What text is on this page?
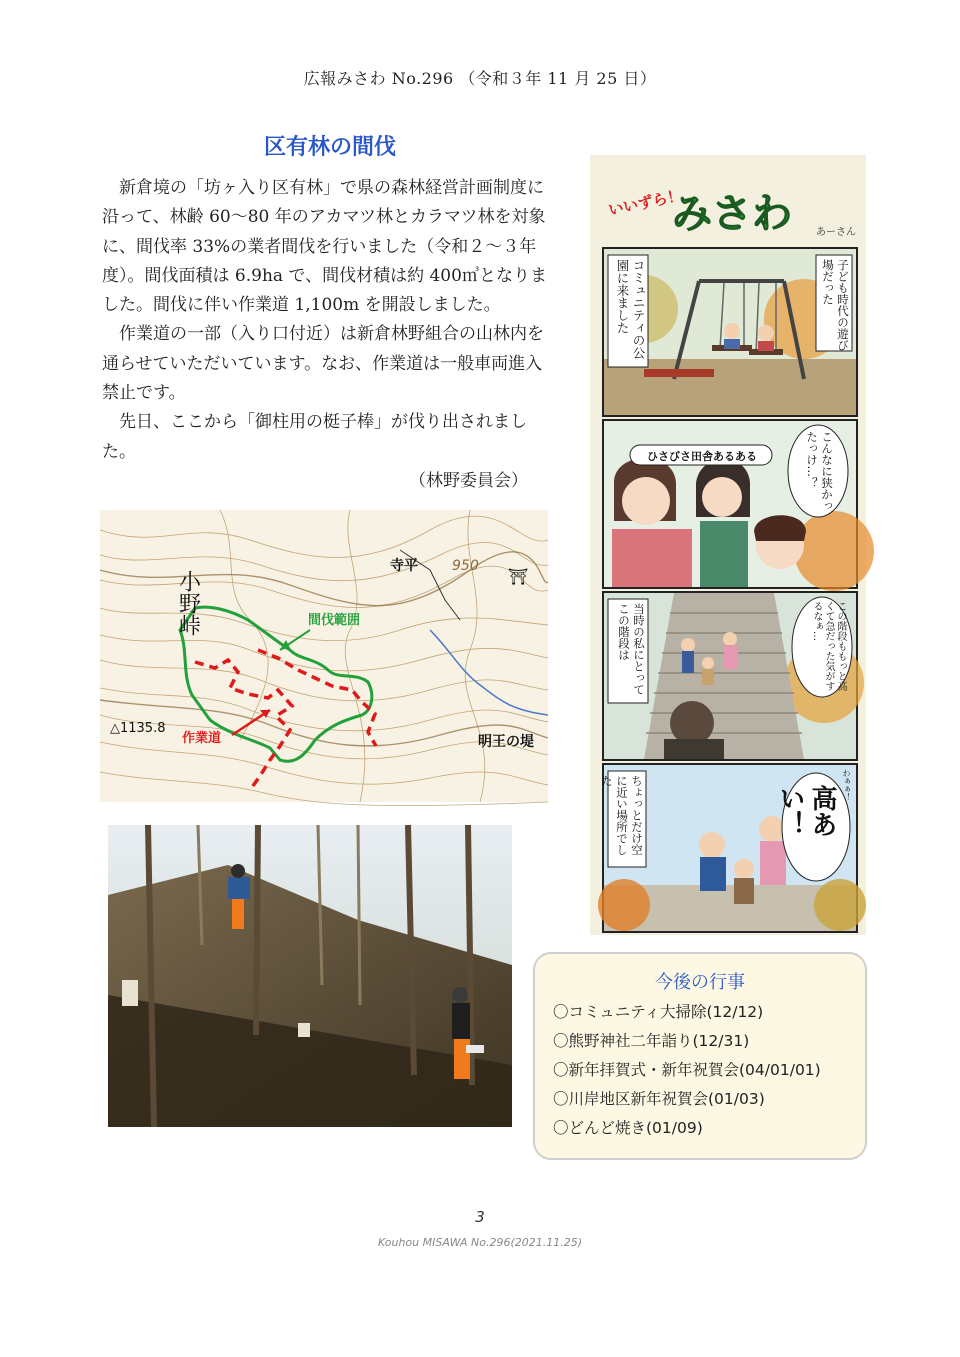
広報みさわ No.296 （令和３年 11 月 25 日）
区有林の間伐

新倉境の「坊ヶ入り区有林」で県の森林経営計画制度に沿って、林齢 60〜80 年のアカマツ林とカラマツ林を対象に、間伐率 33%の業者間伐を行いました（令和２〜３年度）。間伐面積は 6.9ha で、間伐材積は約 400㎥となりました。間伐に伴い作業道 1,100m を開設しました。

作業道の一部（入り口付近）は新倉林野組合の山林内を通らせていただいています。なお、作業道は一般車両進入禁止です。

先日、ここから「御柱用の梃子棒」が伐り出されました。

（林野委員会）
小野峠
寺平 950
⛩
間伐範囲
△1135.8
作業道	明王の堤
いいずら！
みさわ あーさん
コミュニティの公園に来ました	子ども時代の遊び場だった
ひさびさ田舎あるある	こんなに狭かったっけ…？
当時の私にとってこの階段は	この階段ももっと高くて急だった気がするなぁ…
ちょっとだけ空に近い場所でした
高あい！	わぁぁ！
今後の行事
〇コミュニティ大掃除(12/12)
〇熊野神社二年詣り(12/31)
〇新年拝賀式・新年祝賀会(04/01/01)
〇川岸地区新年祝賀会(01/03)
〇どんど焼き(01/09)
3
Kouhou MISAWA No.296(2021.11.25)
